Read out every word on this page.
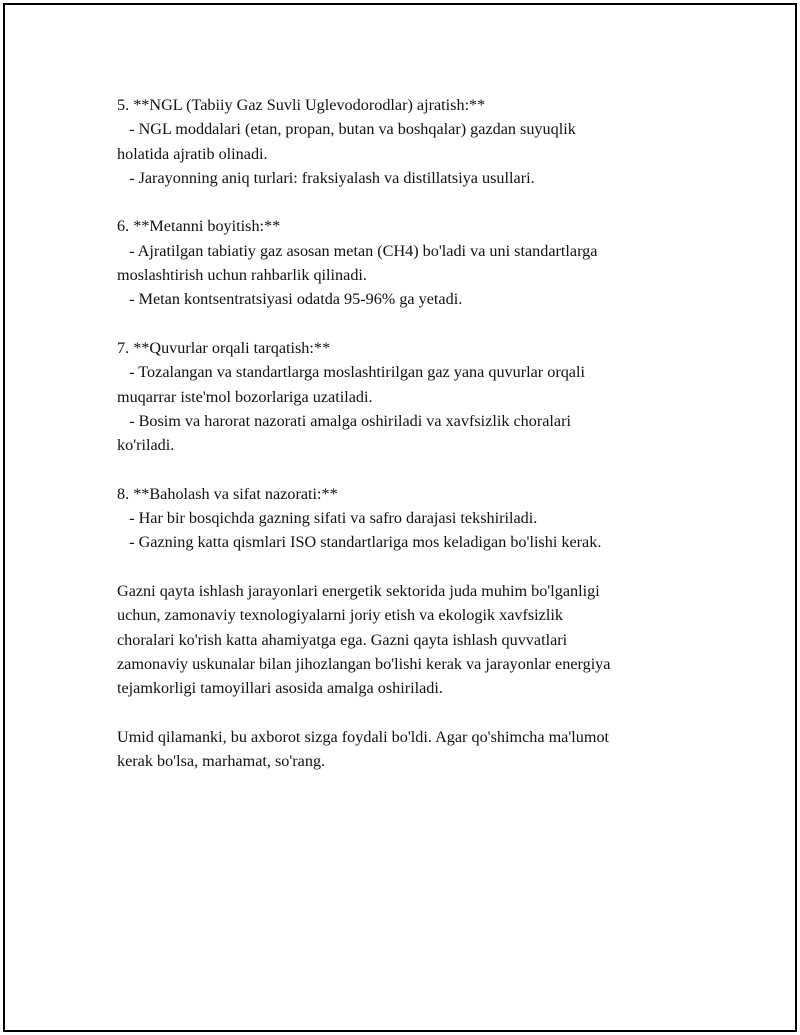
5. **NGL (Tabiiy Gaz Suvli Uglevodorodlar) ajratish:**
- NGL moddalari (etan, propan, butan va boshqalar) gazdan suyuqlik
holatida ajratib olinadi.
- Jarayonning aniq turlari: fraksiyalash va distillatsiya usullari.
6. **Metanni boyitish:**
- Ajratilgan tabiatiy gaz asosan metan (CH4) bo'ladi va uni standartlarga
moslashtirish uchun rahbarlik qilinadi.
- Metan kontsentratsiyasi odatda 95-96% ga yetadi.
7. **Quvurlar orqali tarqatish:**
- Tozalangan va standartlarga moslashtirilgan gaz yana quvurlar orqali
muqarrar iste'mol bozorlariga uzatiladi.
- Bosim va harorat nazorati amalga oshiriladi va xavfsizlik choralari
ko'riladi.
8. **Baholash va sifat nazorati:**
- Har bir bosqichda gazning sifati va safro darajasi tekshiriladi.
- Gazning katta qismlari ISO standartlariga mos keladigan bo'lishi kerak.
Gazni qayta ishlash jarayonlari energetik sektorida juda muhim bo'lganligi
uchun, zamonaviy texnologiyalarni joriy etish va ekologik xavfsizlik
choralari ko'rish katta ahamiyatga ega. Gazni qayta ishlash quvvatlari
zamonaviy uskunalar bilan jihozlangan bo'lishi kerak va jarayonlar energiya
tejamkorligi tamoyillari asosida amalga oshiriladi.
Umid qilamanki, bu axborot sizga foydali bo'ldi. Agar qo'shimcha ma'lumot
kerak bo'lsa, marhamat, so'rang.
